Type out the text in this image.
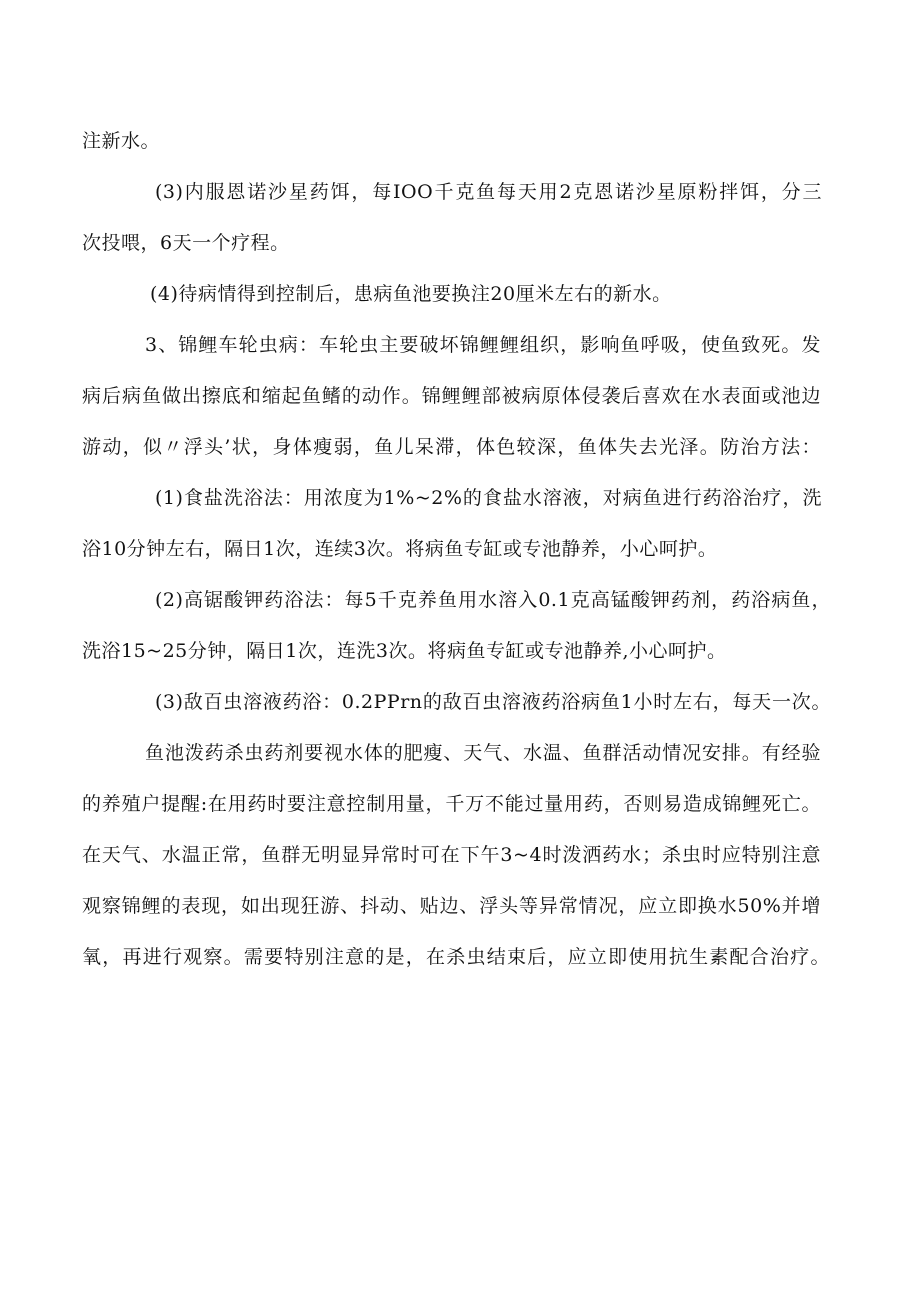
注新水。
(3)内服恩诺沙星药饵，每IOO千克鱼每天用2克恩诺沙星原粉拌饵，分三
次投喂，6天一个疗程。
(4)待病情得到控制后，患病鱼池要换注20厘米左右的新水。
3、锦鲤车轮虫病：车轮虫主要破坏锦鲤鲤组织，影响鱼呼吸，使鱼致死。发
病后病鱼做出擦底和缩起鱼鳍的动作。锦鲤鲤部被病原体侵袭后喜欢在水表面或池边
游动，似〃浮头’状，身体瘦弱，鱼儿呆滞，体色较深，鱼体失去光泽。防治方法：
(1)食盐洗浴法：用浓度为1%~2%的食盐水溶液，对病鱼进行药浴治疗，洗
浴10分钟左右，隔日1次，连续3次。将病鱼专缸或专池静养，小心呵护。
(2)高锯酸钾药浴法：每5千克养鱼用水溶入0.1克高锰酸钾药剂，药浴病鱼，
洗浴15~25分钟，隔日1次，连洗3次。将病鱼专缸或专池静养,小心呵护。
(3)敌百虫溶液药浴：0.2PPrn的敌百虫溶液药浴病鱼1小时左右，每天一次。
鱼池泼药杀虫药剂要视水体的肥瘦、天气、水温、鱼群活动情况安排。有经验
的养殖户提醒:在用药时要注意控制用量，千万不能过量用药，否则易造成锦鲤死亡。
在天气、水温正常，鱼群无明显异常时可在下午3~4时泼洒药水；杀虫时应特别注意
观察锦鲤的表现，如出现狂游、抖动、贴边、浮头等异常情况，应立即换水50%并增
氧，再进行观察。需要特别注意的是，在杀虫结束后，应立即使用抗生素配合治疗。
